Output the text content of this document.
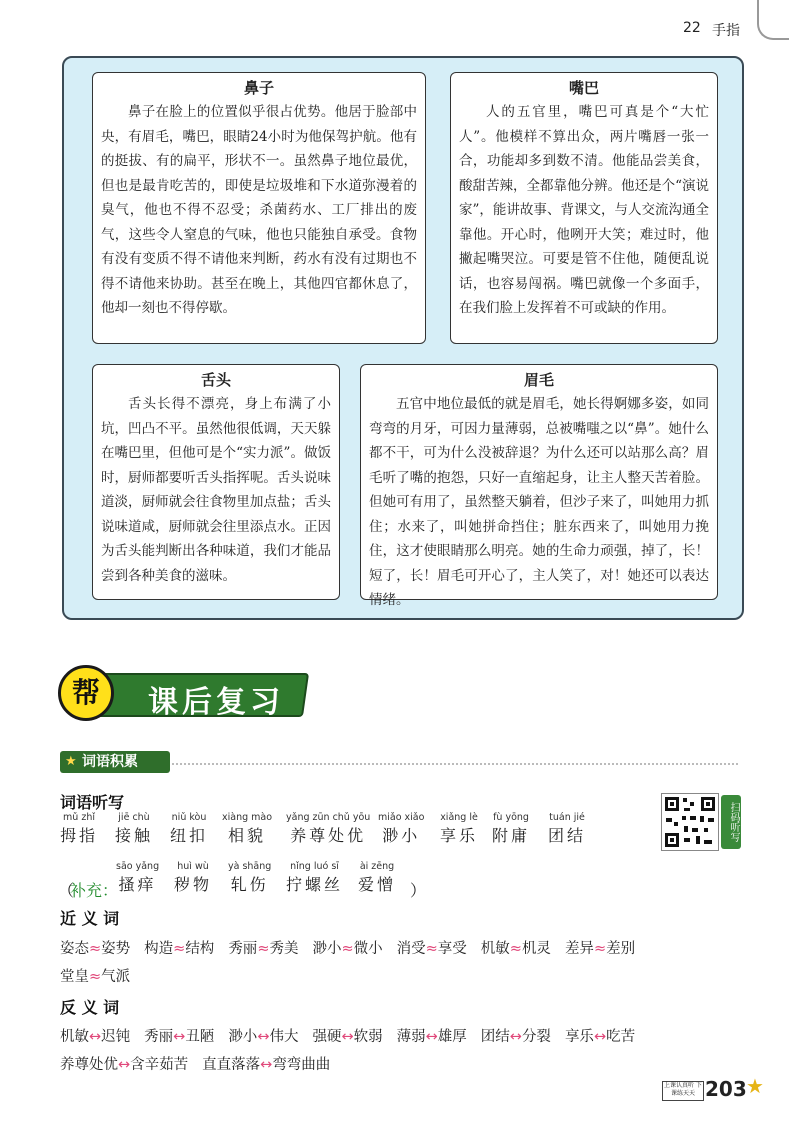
22 手指
鼻子
鼻子在脸上的位置似乎很占优势。他居于脸部中央，有眉毛，嘴巴，眼睛24小时为他保驾护航。他有的挺拔、有的扁平，形状不一。虽然鼻子地位最优，但也是最肯吃苦的，即使是垃圾堆和下水道弥漫着的臭气，他也不得不忍受；杀菌药水、工厂排出的废气，这些令人窒息的气味，他也只能独自承受。食物有没有变质不得不请他来判断，药水有没有过期也不得不请他来协助。甚至在晚上，其他四官都休息了，他却一刻也不得停歇。
嘴巴
人的五官里，嘴巴可真是个“大忙人”。他模样不算出众，两片嘴唇一张一合，功能却多到数不清。他能品尝美食，酸甜苦辣，全都靠他分辨。他还是个“演说家”，能讲故事、背课文，与人交流沟通全靠他。开心时，他咧开大笑；难过时，他撇起嘴哭泣。可要是管不住他，随便乱说话，也容易闯祸。嘴巴就像一个多面手，在我们脸上发挥着不可或缺的作用。
舌头
舌头长得不漂亮，身上布满了小坑，凹凸不平。虽然他很低调，天天躲在嘴巴里，但他可是个“实力派”。做饭时，厨师都要听舌头指挥呢。舌头说味道淡，厨师就会往食物里加点盐；舌头说味道咸，厨师就会往里添点水。正因为舌头能判断出各种味道，我们才能品尝到各种美食的滋味。
眉毛
五官中地位最低的就是眉毛，她长得婀娜多姿，如同弯弯的月牙，可因力量薄弱，总被嘴嗤之以“鼻”。她什么都不干，可为什么没被辞退？为什么还可以站那么高？眉毛听了嘴的抱怨，只好一直缩起身，让主人整天苦着脸。但她可有用了，虽然整天躺着，但沙子来了，叫她用力抓住；水来了，叫她拼命挡住；脏东西来了，叫她用力挽住，这才使眼睛那么明亮。她的生命力顽强，掉了，长！短了，长！眉毛可开心了，主人笑了，对！她还可以表达情绪。
课后复习
帮
★ 词语积累
词语听写	扫码听写
mǔ zhǐ
拇指
jiē chù
接触
niǔ kòu
纽扣
xiàng mào
相貌
yǎng zūn chǔ yōu
养尊处优
miǎo xiǎo
渺小
xiǎng lè
享乐
fù yōng
附庸
tuán jié
团结
（
补充：
sāo yǎng
搔痒
huì wù
秽物
yà shāng
轧伤
nǐng luó sī
拧螺丝
ài zēng
爱憎 ）
近 义 词
姿态≈姿势 构造≈结构 秀丽≈秀美 渺小≈微小 消受≈享受 机敏≈机灵 差异≈差别
堂皇≈气派
反 义 词
机敏↔迟钝 秀丽↔丑陋 渺小↔伟大 强硬↔软弱 薄弱↔雄厚 团结↔分裂 享乐↔吃苦
养尊处优↔含辛茹苦 直直落落↔弯弯曲曲
上课认真听 下课练天天 203 ★
